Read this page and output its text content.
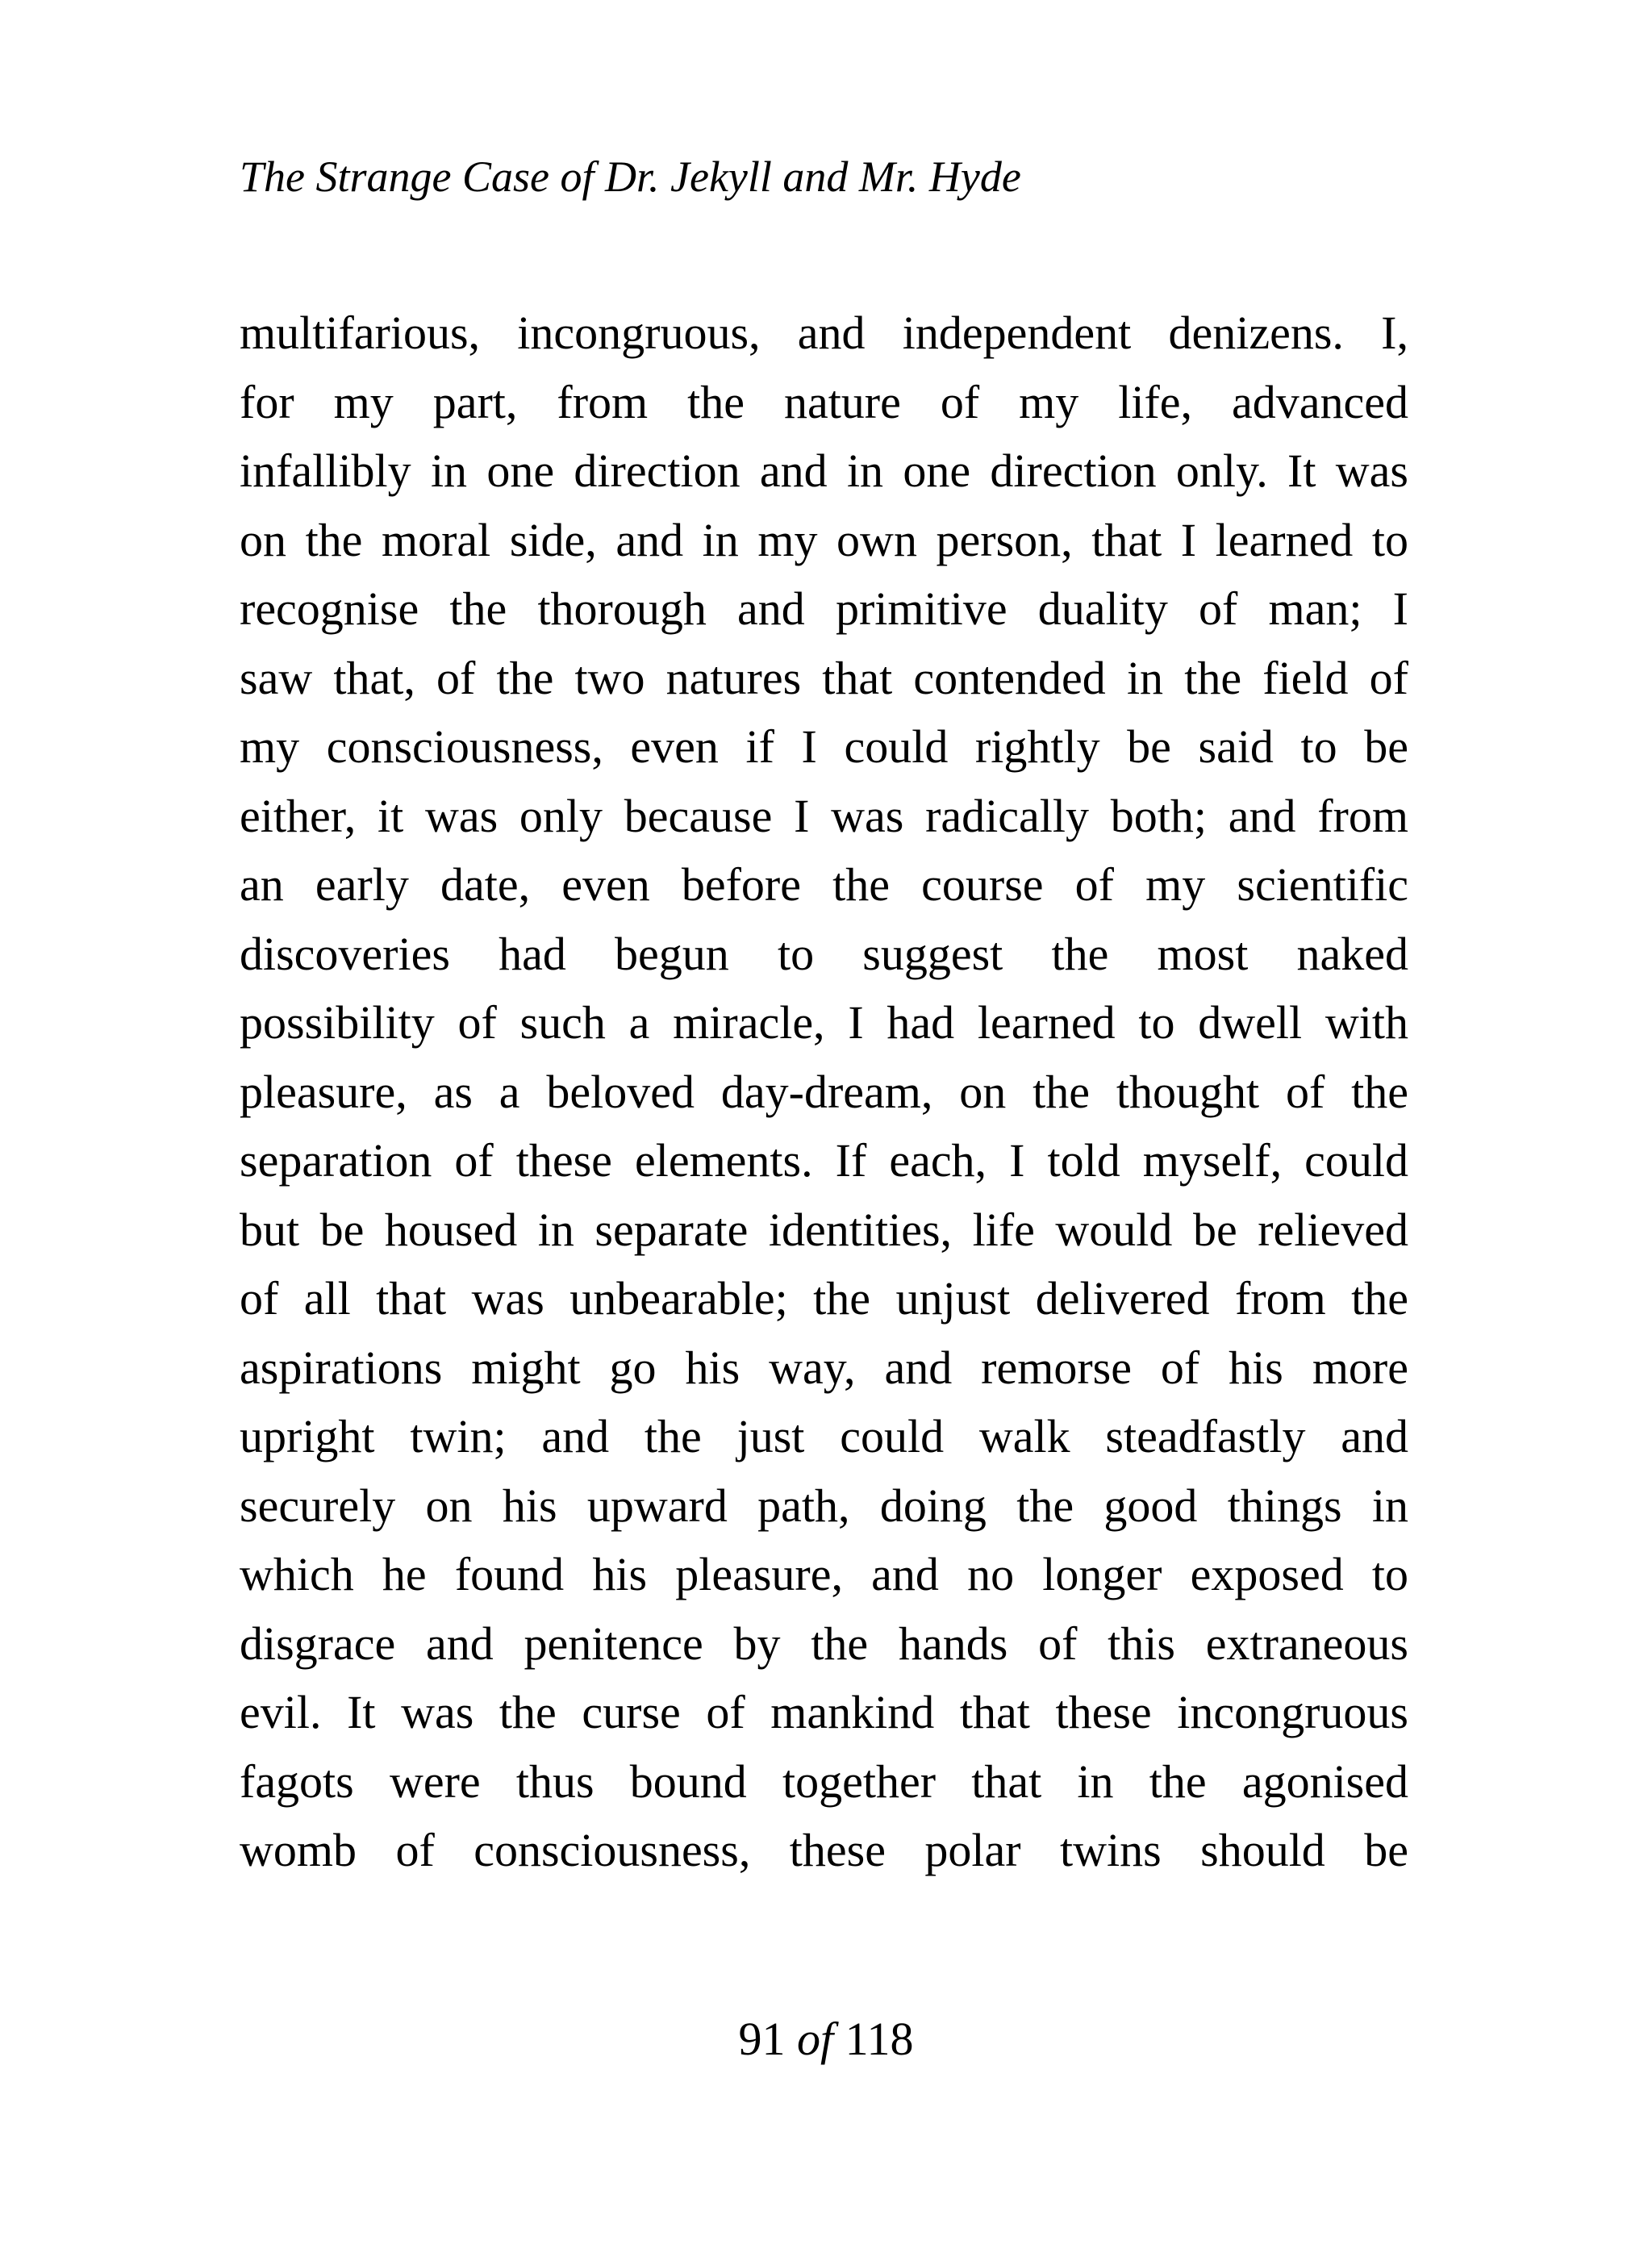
The Strange Case of Dr. Jekyll and Mr. Hyde
multifarious, incongruous, and independent denizens. I,
for my part, from the nature of my life, advanced
infallibly in one direction and in one direction only. It was
on the moral side, and in my own person, that I learned to
recognise the thorough and primitive duality of man; I
saw that, of the two natures that contended in the field of
my consciousness, even if I could rightly be said to be
either, it was only because I was radically both; and from
an early date, even before the course of my scientific
discoveries had begun to suggest the most naked
possibility of such a miracle, I had learned to dwell with
pleasure, as a beloved day-dream, on the thought of the
separation of these elements. If each, I told myself, could
but be housed in separate identities, life would be relieved
of all that was unbearable; the unjust delivered from the
aspirations might go his way, and remorse of his more
upright twin; and the just could walk steadfastly and
securely on his upward path, doing the good things in
which he found his pleasure, and no longer exposed to
disgrace and penitence by the hands of this extraneous
evil. It was the curse of mankind that these incongruous
fagots were thus bound together that in the agonised
womb of consciousness, these polar twins should be
91 of 118
